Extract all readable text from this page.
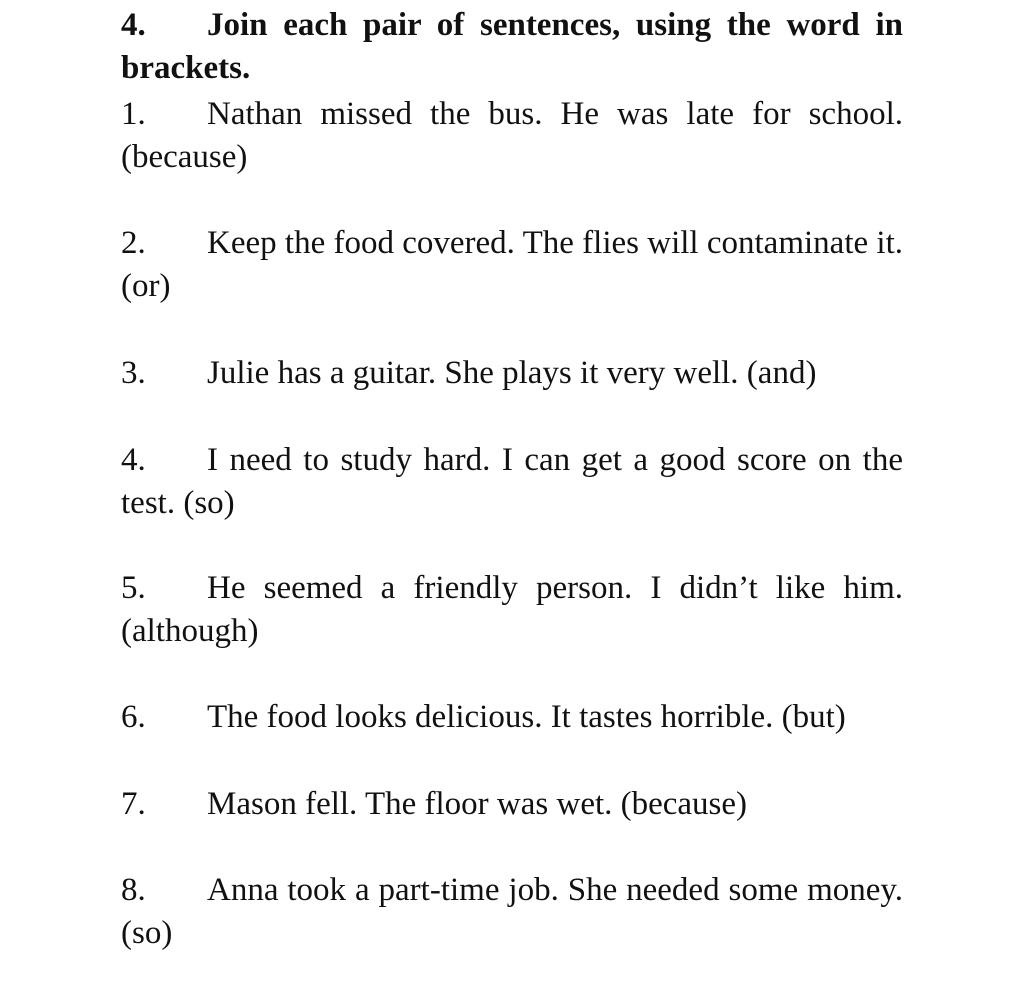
4. Join each pair of sentences, using the word in brackets.
1. Nathan missed the bus. He was late for school. (because)
2. Keep the food covered. The flies will contaminate it. (or)
3. Julie has a guitar. She plays it very well. (and)
4. I need to study hard. I can get a good score on the test. (so)
5. He seemed a friendly person. I didn’t like him. (although)
6. The food looks delicious. It tastes horrible. (but)
7. Mason fell. The floor was wet. (because)
8. Anna took a part-time job. She needed some money. (so)
